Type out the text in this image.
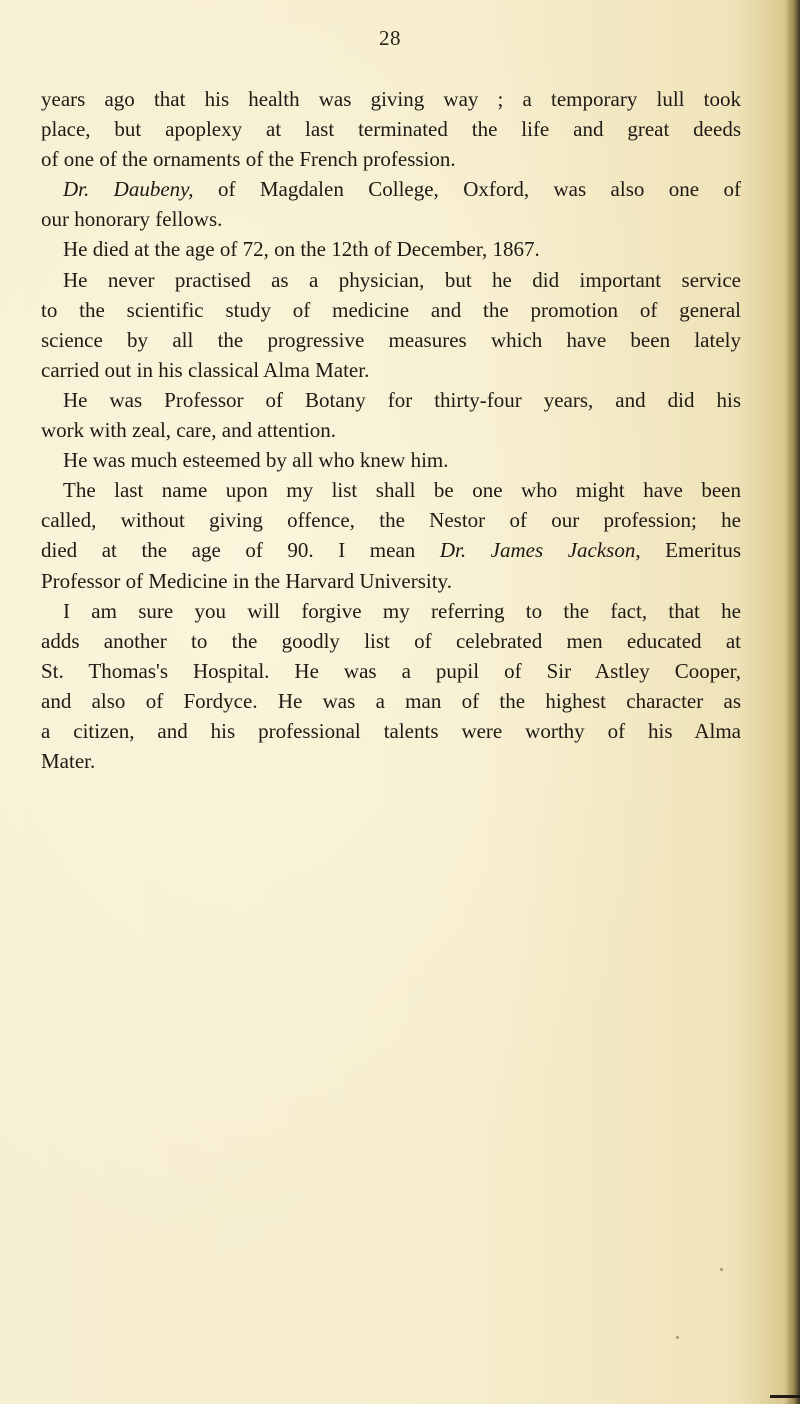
28
years ago that his health was giving way ; a temporary lull took
place, but apoplexy at last terminated the life and great deeds
of one of the ornaments of the French profession.
Dr. Daubeny, of Magdalen College, Oxford, was also one of
our honorary fellows.
He died at the age of 72, on the 12th of December, 1867.
He never practised as a physician, but he did important service
to the scientific study of medicine and the promotion of general
science by all the progressive measures which have been lately
carried out in his classical Alma Mater.
He was Professor of Botany for thirty-four years, and did his
work with zeal, care, and attention.
He was much esteemed by all who knew him.
The last name upon my list shall be one who might have been
called, without giving offence, the Nestor of our profession; he
died at the age of 90. I mean Dr. James Jackson, Emeritus
Professor of Medicine in the Harvard University.
I am sure you will forgive my referring to the fact, that he
adds another to the goodly list of celebrated men educated at
St. Thomas's Hospital. He was a pupil of Sir Astley Cooper,
and also of Fordyce. He was a man of the highest character as
a citizen, and his professional talents were worthy of his Alma
Mater.
